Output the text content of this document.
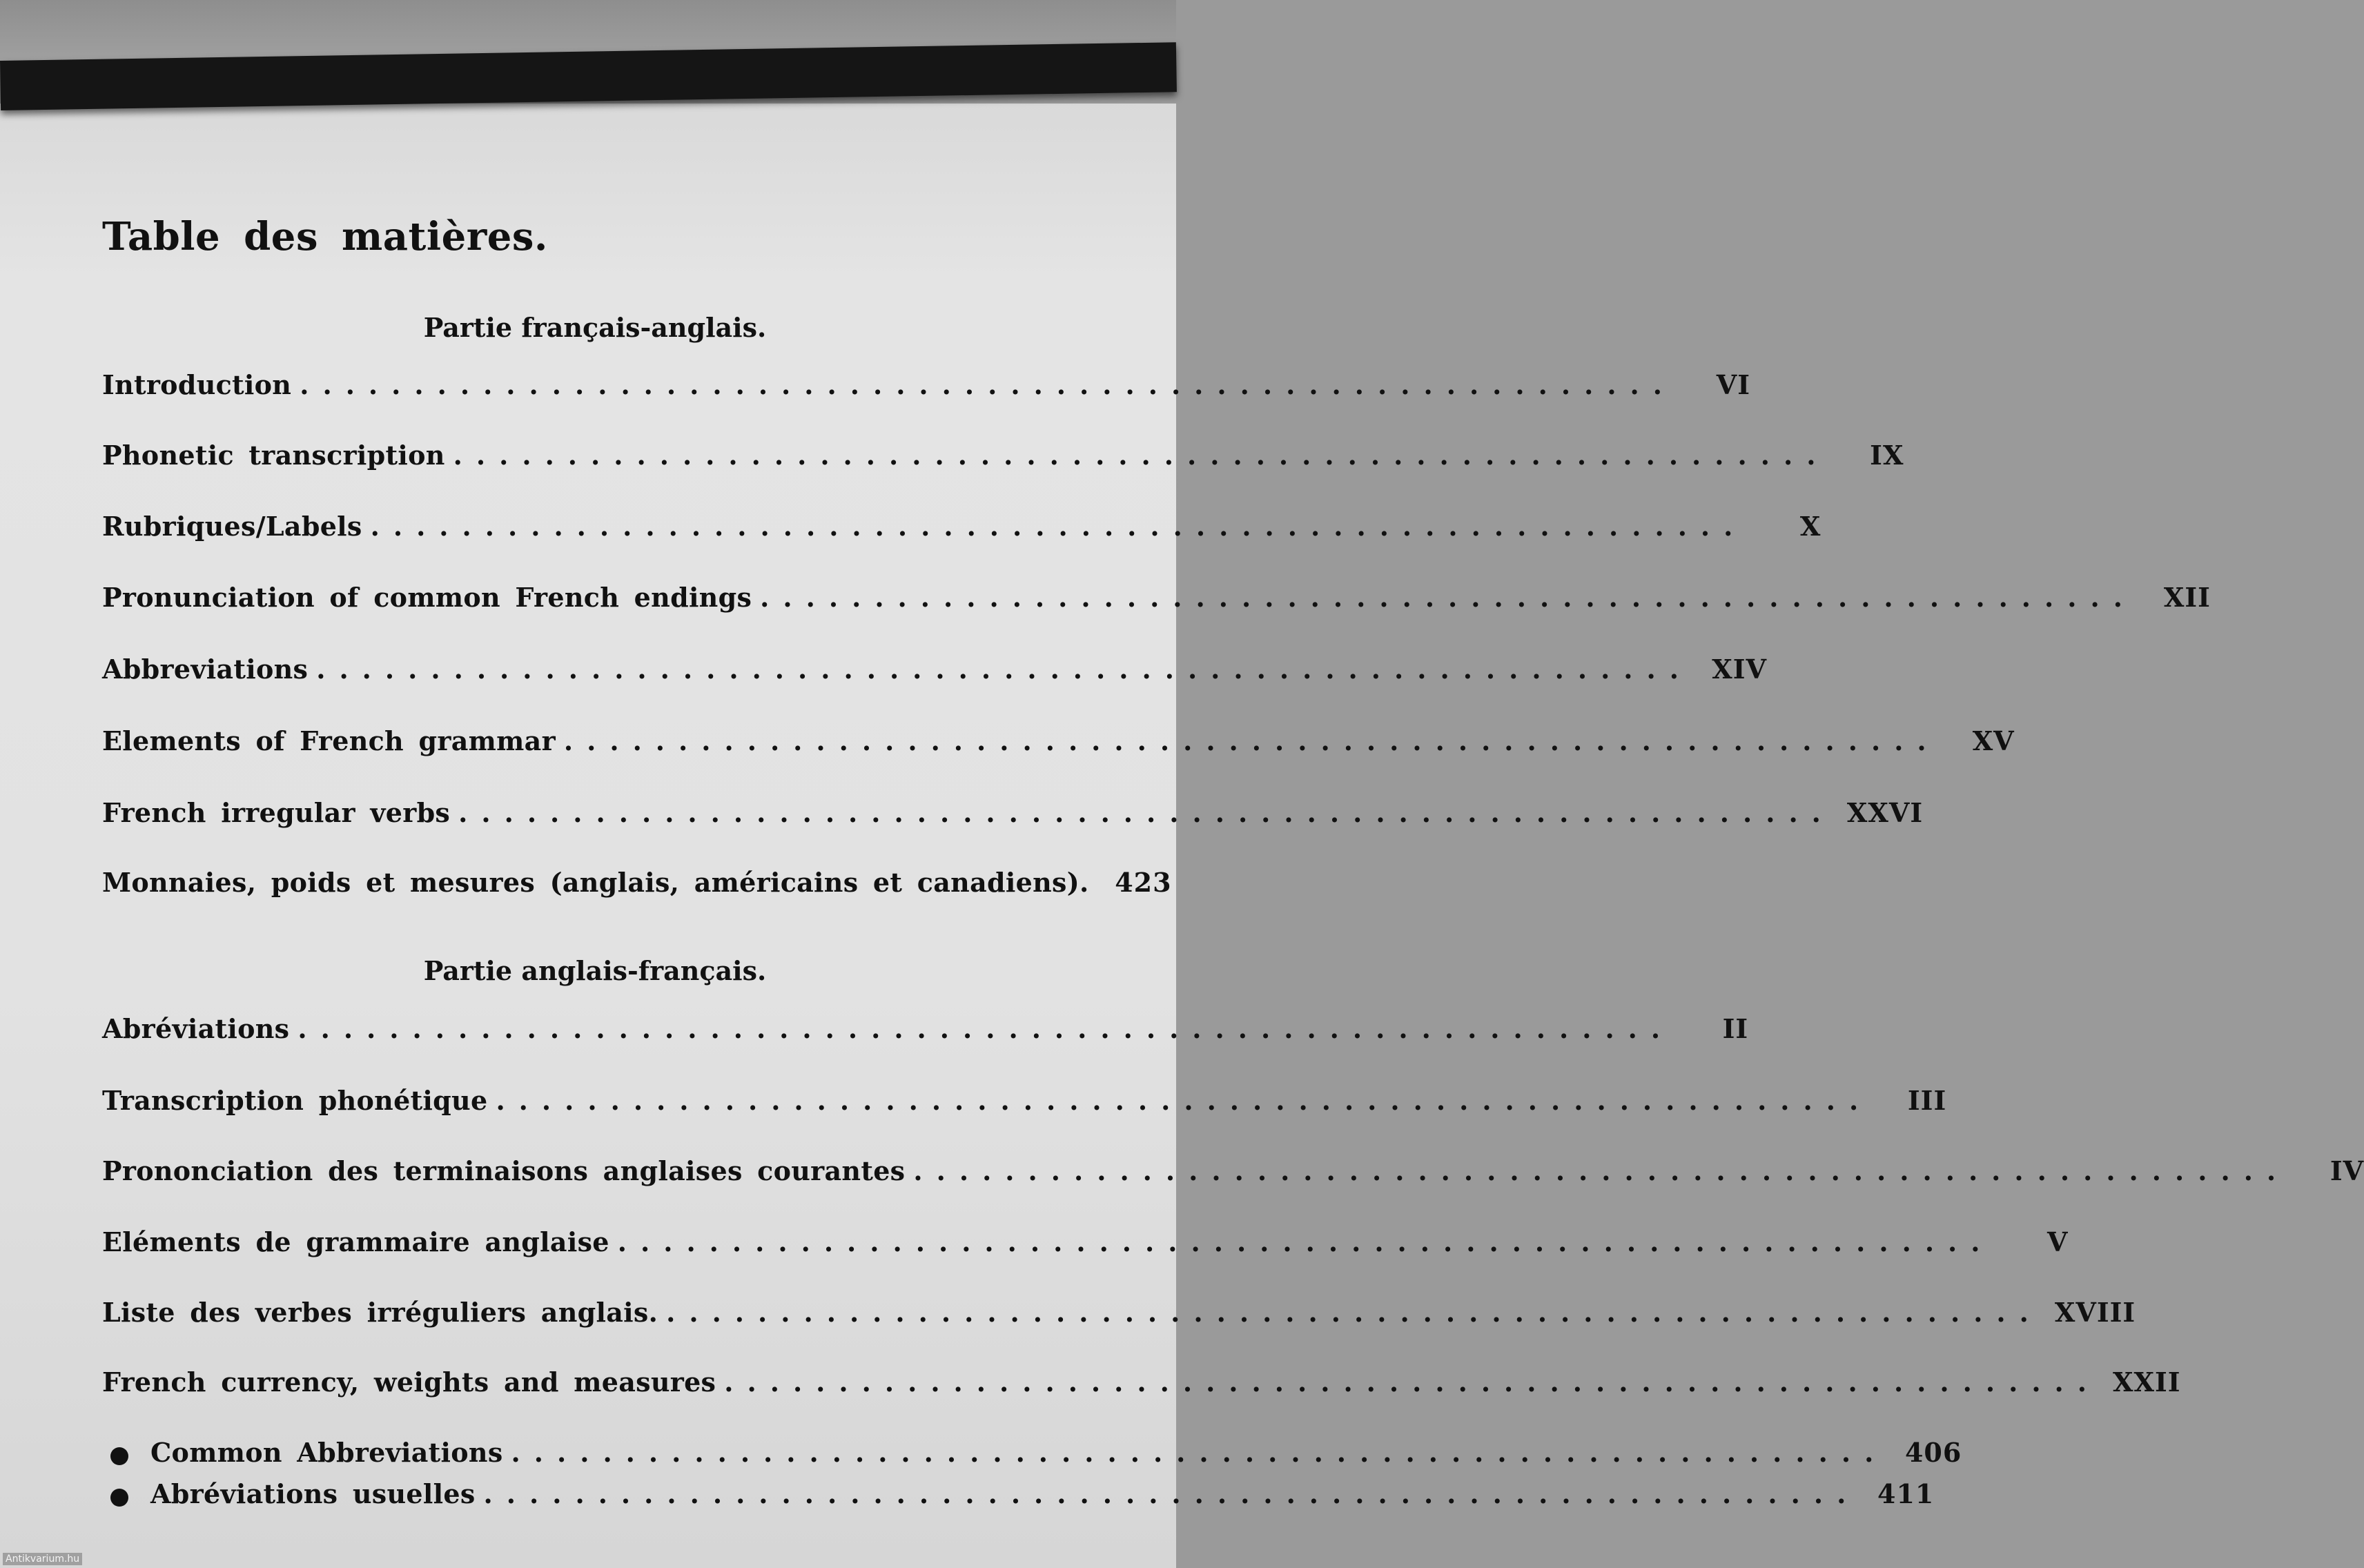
Table des matières.
Partie français-anglais.
Introduction ............................................................	VI
Phonetic transcription ............................................................	IX
Rubriques/Labels ............................................................	X
Pronunciation of common French endings ............................................................	XII
Abbreviations ............................................................ XIV
Elements of French grammar ............................................................	XV
French irregular verbs ............................................................ XXVI
Monnaies, poids et mesures (anglais, américains et canadiens). 423
Partie anglais-français.
Abréviations ............................................................	II
Transcription phonétique ............................................................	III
Prononciation des terminaisons anglaises courantes ............................................................	IV
Eléments de grammaire anglaise ............................................................	V
Liste des verbes irréguliers anglais. ............................................................ XVIII
French currency, weights and measures ............................................................ XXII
Common Abbreviations ............................................................ 406
Abréviations usuelles ............................................................ 411
Antikvarium.hu
